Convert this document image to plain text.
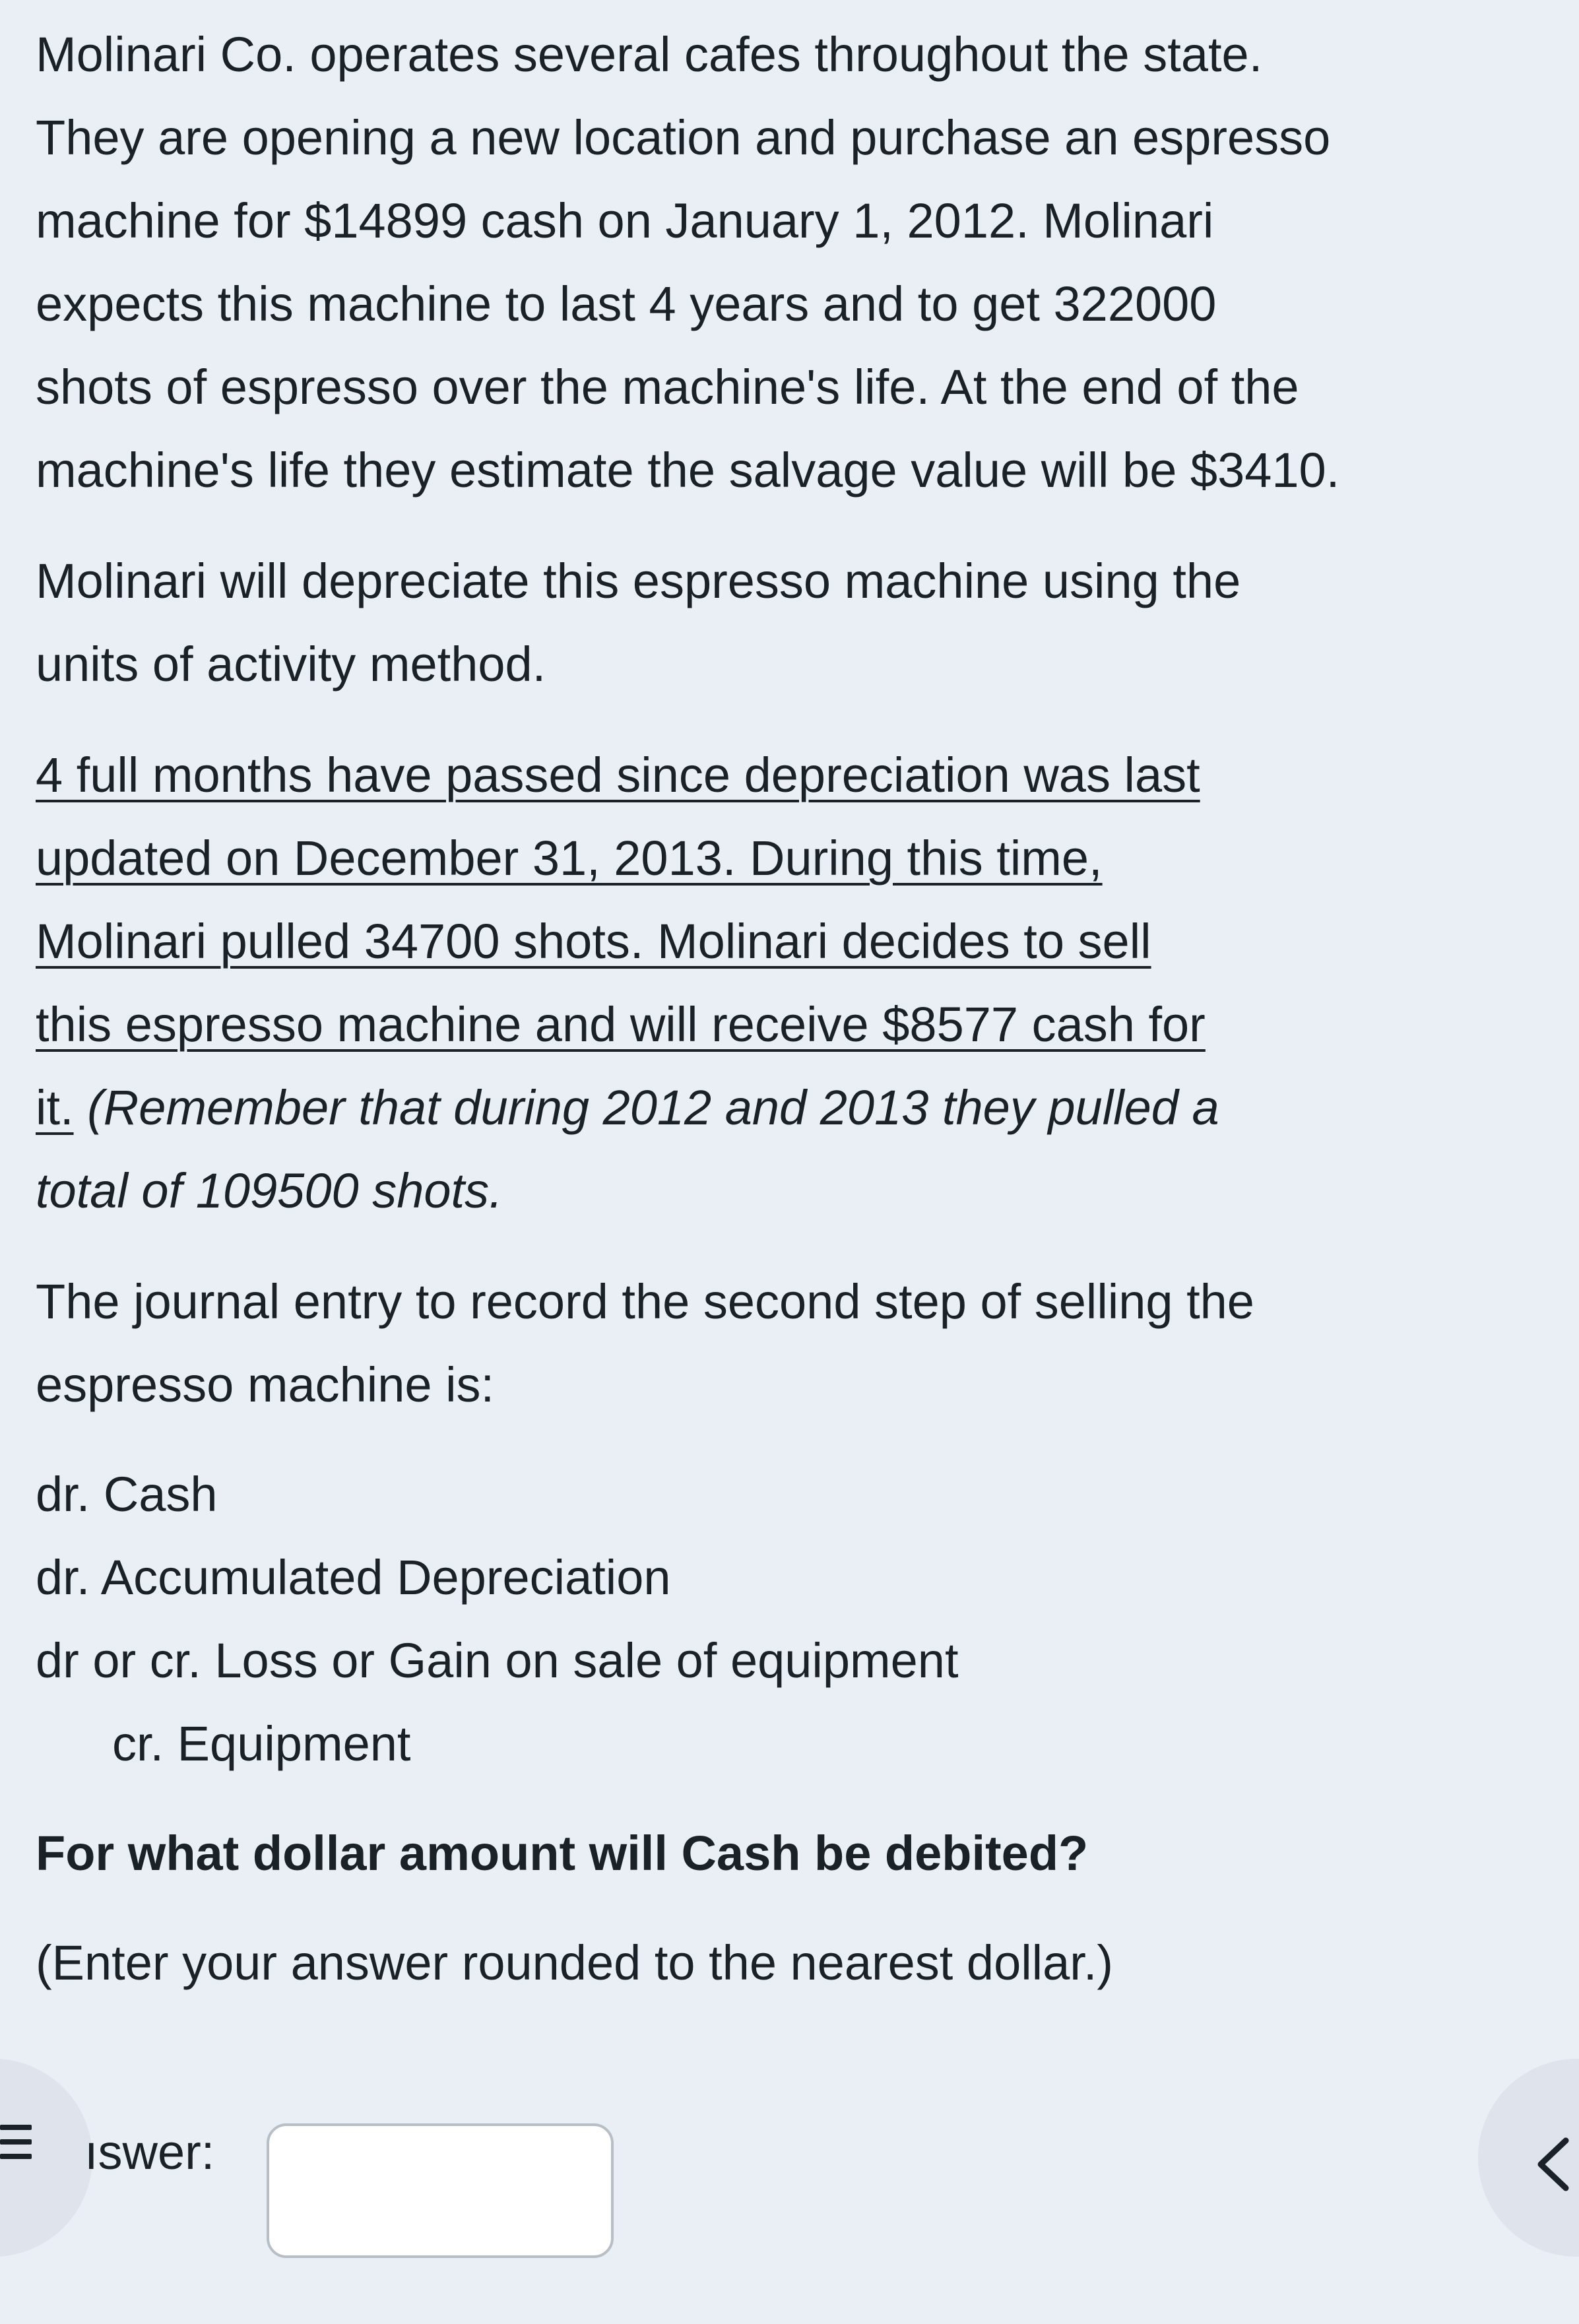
Molinari Co. operates several cafes throughout the state.
They are opening a new location and purchase an espresso
machine for $14899 cash on January 1, 2012. Molinari
expects this machine to last 4 years and to get 322000
shots of espresso over the machine's life. At the end of the
machine's life they estimate the salvage value will be $3410.

Molinari will depreciate this espresso machine using the
units of activity method.

4 full months have passed since depreciation was last
updated on December 31, 2013. During this time,
Molinari pulled 34700 shots. Molinari decides to sell
this espresso machine and will receive $8577 cash for
it. (Remember that during 2012 and 2013 they pulled a
total of 109500 shots.

The journal entry to record the second step of selling the
espresso machine is:

dr. Cash

dr. Accumulated Depreciation

dr or cr. Loss or Gain on sale of equipment

cr. Equipment

For what dollar amount will Cash be debited?

(Enter your answer rounded to the nearest dollar.)

ıswer:
